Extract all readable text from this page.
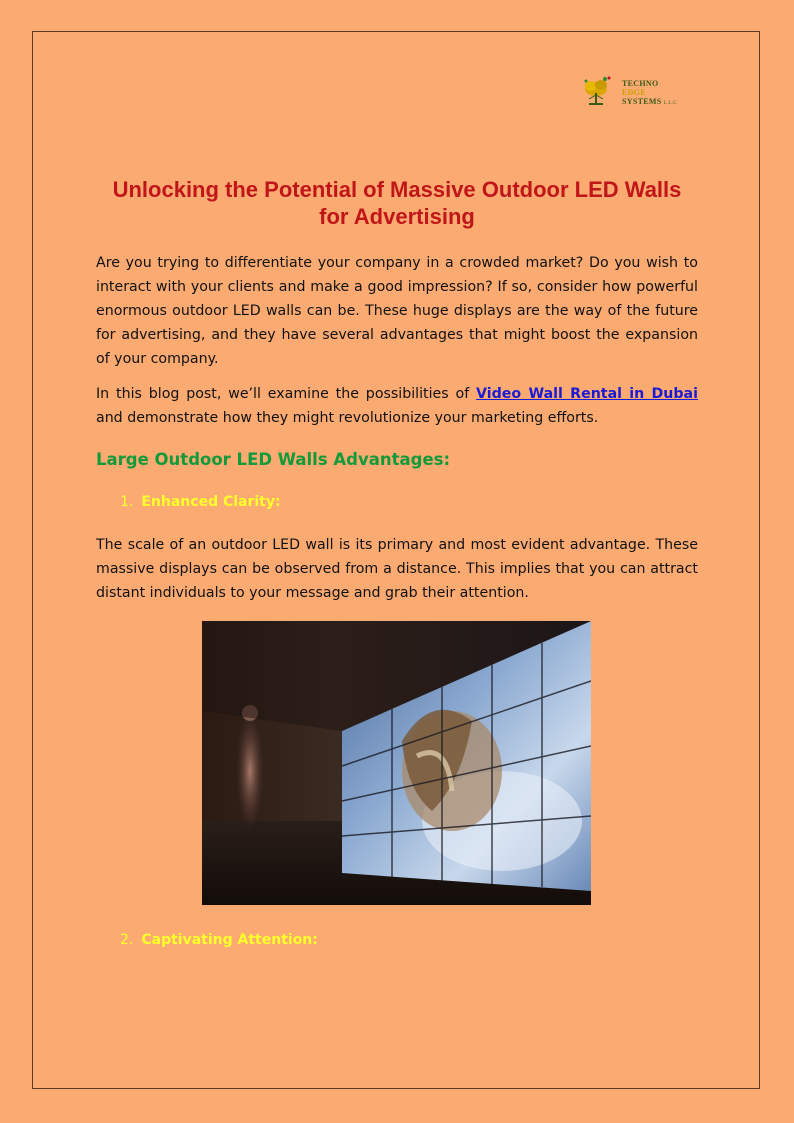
TECHNO
EDGE
SYSTEMS L.L.C
Unlocking the Potential of Massive Outdoor LED Walls for Advertising

Are you trying to differentiate your company in a crowded market? Do you wish to interact with your clients and make a good impression? If so, consider how powerful enormous outdoor LED walls can be. These huge displays are the way of the future for advertising, and they have several advantages that might boost the expansion of your company.

In this blog post, we’ll examine the possibilities of Video Wall Rental in Dubai and demonstrate how they might revolutionize your marketing efforts.

Large Outdoor LED Walls Advantages:
1. Enhanced Clarity:

The scale of an outdoor LED wall is its primary and most evident advantage. These massive displays can be observed from a distance. This implies that you can attract distant individuals to your message and grab their attention.

2. Captivating Attention:
